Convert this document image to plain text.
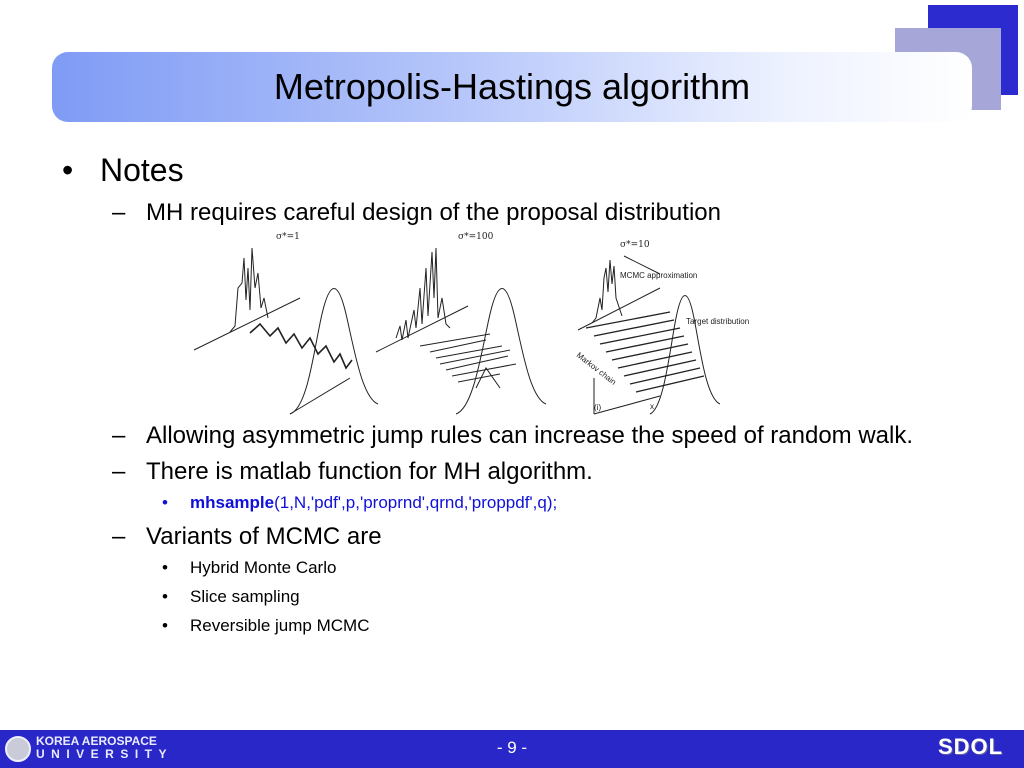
Metropolis-Hastings algorithm
• Notes
– MH requires careful design of the proposal distribution
σ*=1	σ*=100
σ*=10
MCMC approximation
Target distribution
Markov chain
(i)	x
– Allowing asymmetric jump rules can increase the speed of random walk.
– There is matlab function for MH algorithm.
•	mhsample(1,N,'pdf',p,'proprnd',qrnd,'proppdf',q);
– Variants of MCMC are
•	Hybrid Monte Carlo
•	Slice sampling
•	Reversible jump MCMC
KOREA AEROSPACE
UNIVERSITY	- 9 -	SDOL
